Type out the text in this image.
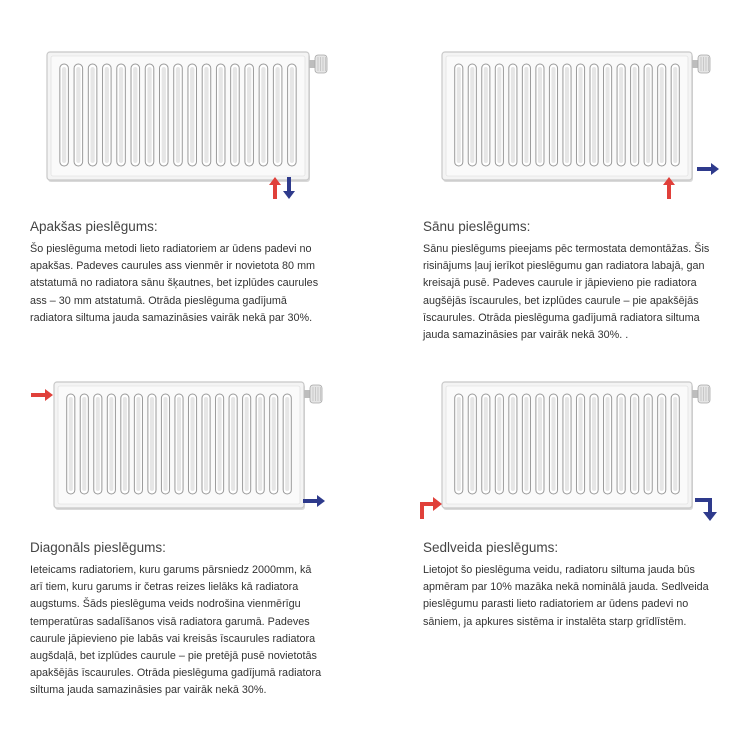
Apakšas pieslēgums:
Šo pieslēguma metodi lieto radiatoriem ar ūdens padevi no
apakšas. Padeves caurules ass vienmēr ir novietota 80 mm
atstatumā no radiatora sānu šķautnes, bet izplūdes caurules
ass – 30 mm atstatumā. Otrāda pieslēguma gadījumā
radiatora siltuma jauda samazināsies vairāk nekā par 30%.
Sānu pieslēgums:
Sānu pieslēgums pieejams pēc termostata demontāžas. Šis
risinājums ļauj ierīkot pieslēgumu gan radiatora labajā, gan
kreisajā pusē. Padeves caurule ir jāpievieno pie radiatora
augšējās īscaurules, bet izplūdes caurule – pie apakšējās
īscaurules. Otrāda pieslēguma gadījumā radiatora siltuma
jauda samazināsies par vairāk nekā 30%. .
Diagonāls pieslēgums:
Ieteicams radiatoriem, kuru garums pārsniedz 2000mm, kā
arī tiem, kuru garums ir četras reizes lielāks kā radiatora
augstums. Šāds pieslēguma veids nodrošina vienmērīgu
temperatūras sadalīšanos visā radiatora garumā. Padeves
caurule jāpievieno pie labās vai kreisās īscaurules radiatora
augšdaļā, bet izplūdes caurule – pie pretējā pusē novietotās
apakšējās īscaurules. Otrāda pieslēguma gadījumā radiatora
siltuma jauda samazināsies par vairāk nekā 30%.
Sedlveida pieslēgums:
Lietojot šo pieslēguma veidu, radiatoru siltuma jauda būs
apmēram par 10% mazāka nekā nominālā jauda. Sedlveida
pieslēgumu parasti lieto radiatoriem ar ūdens padevi no
sāniem, ja apkures sistēma ir instalēta starp grīdlīstēm.
